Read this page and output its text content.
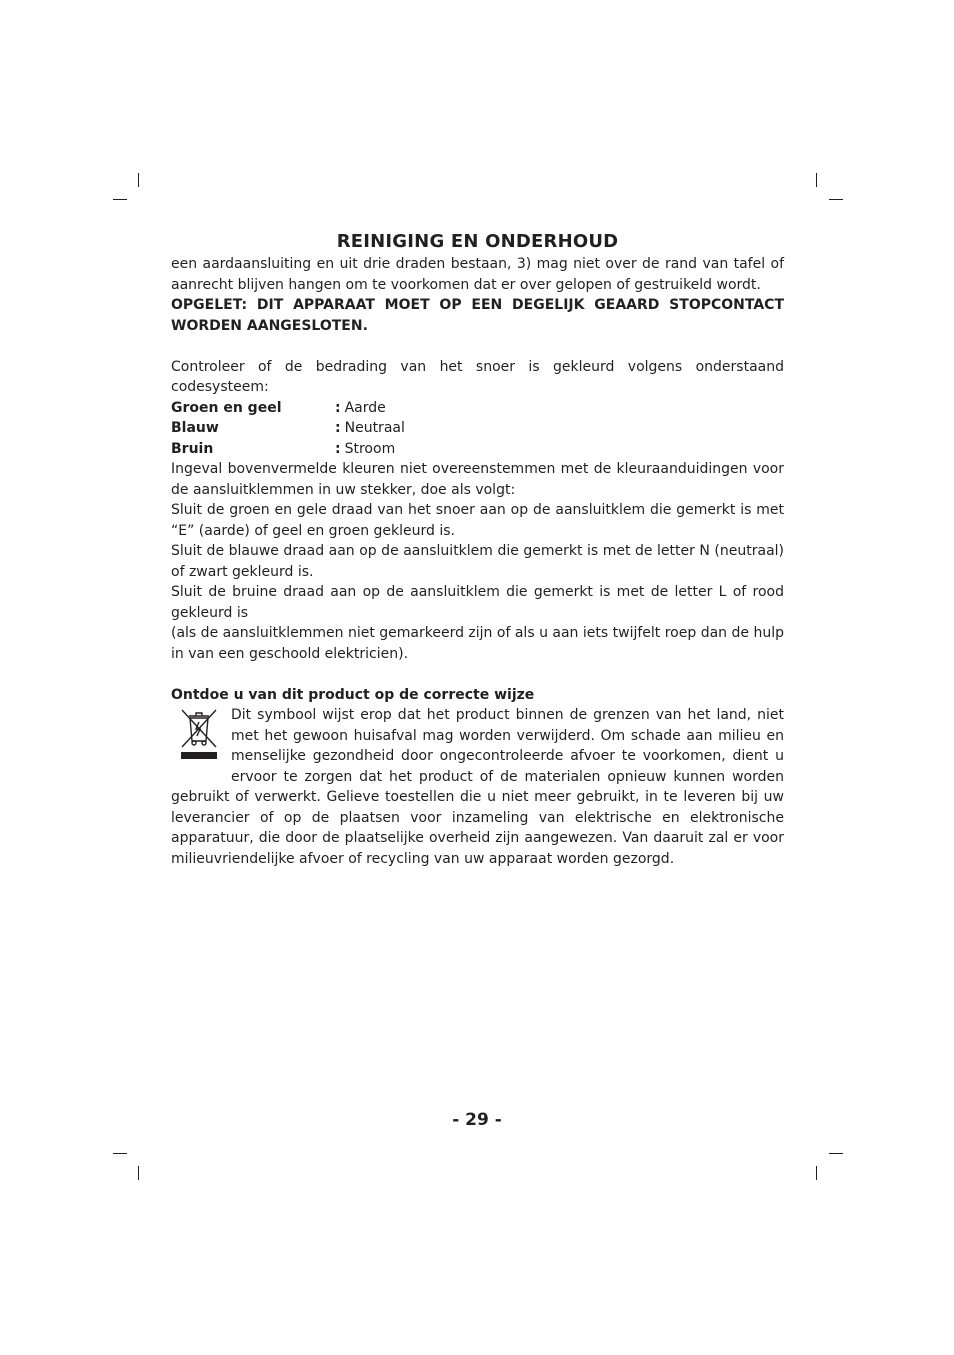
REINIGING EN ONDERHOUD

een aardaansluiting en uit drie draden bestaan, 3) mag niet over de rand van tafel of aanrecht blijven hangen om te voorkomen dat er over gelopen of gestruikeld wordt.

OPGELET: DIT APPARAAT MOET OP EEN DEGELIJK GEAARD STOPCONTACT WORDEN AANGESLOTEN.

Controleer of de bedrading van het snoer is gekleurd volgens onderstaand codesysteem:

Groen en geel	: Aarde
Blauw	: Neutraal
Bruin	: Stroom

Ingeval bovenvermelde kleuren niet overeenstemmen met de kleuraanduidingen voor de aansluitklemmen in uw stekker, doe als volgt:

Sluit de groen en gele draad van het snoer aan op de aansluitklem die gemerkt is met “E” (aarde) of geel en groen gekleurd is.

Sluit de blauwe draad aan op de aansluitklem die gemerkt is met de letter N (neutraal) of zwart gekleurd is.

Sluit de bruine draad aan op de aansluitklem die gemerkt is met de letter L of rood gekleurd is

(als de aansluitklemmen niet gemarkeerd zijn of als u aan iets twijfelt roep dan de hulp in van een geschoold elektricien).

Ontdoe u van dit product op de correcte wijze

Dit symbool wijst erop dat het product binnen de grenzen van het land, niet met het gewoon huisafval mag worden verwijderd. Om schade aan milieu en menselijke gezondheid door ongecontroleerde afvoer te voorkomen, dient u ervoor te zorgen dat het product of de materialen opnieuw kunnen worden gebruikt of verwerkt. Gelieve toestellen die u niet meer gebruikt, in te leveren bij uw leverancier of op de plaatsen voor inzameling van elektrische en elektronische apparatuur, die door de plaatselijke overheid zijn aangewezen. Van daaruit zal er voor milieuvriendelijke afvoer of recycling van uw apparaat worden gezorgd.

- 29 -
